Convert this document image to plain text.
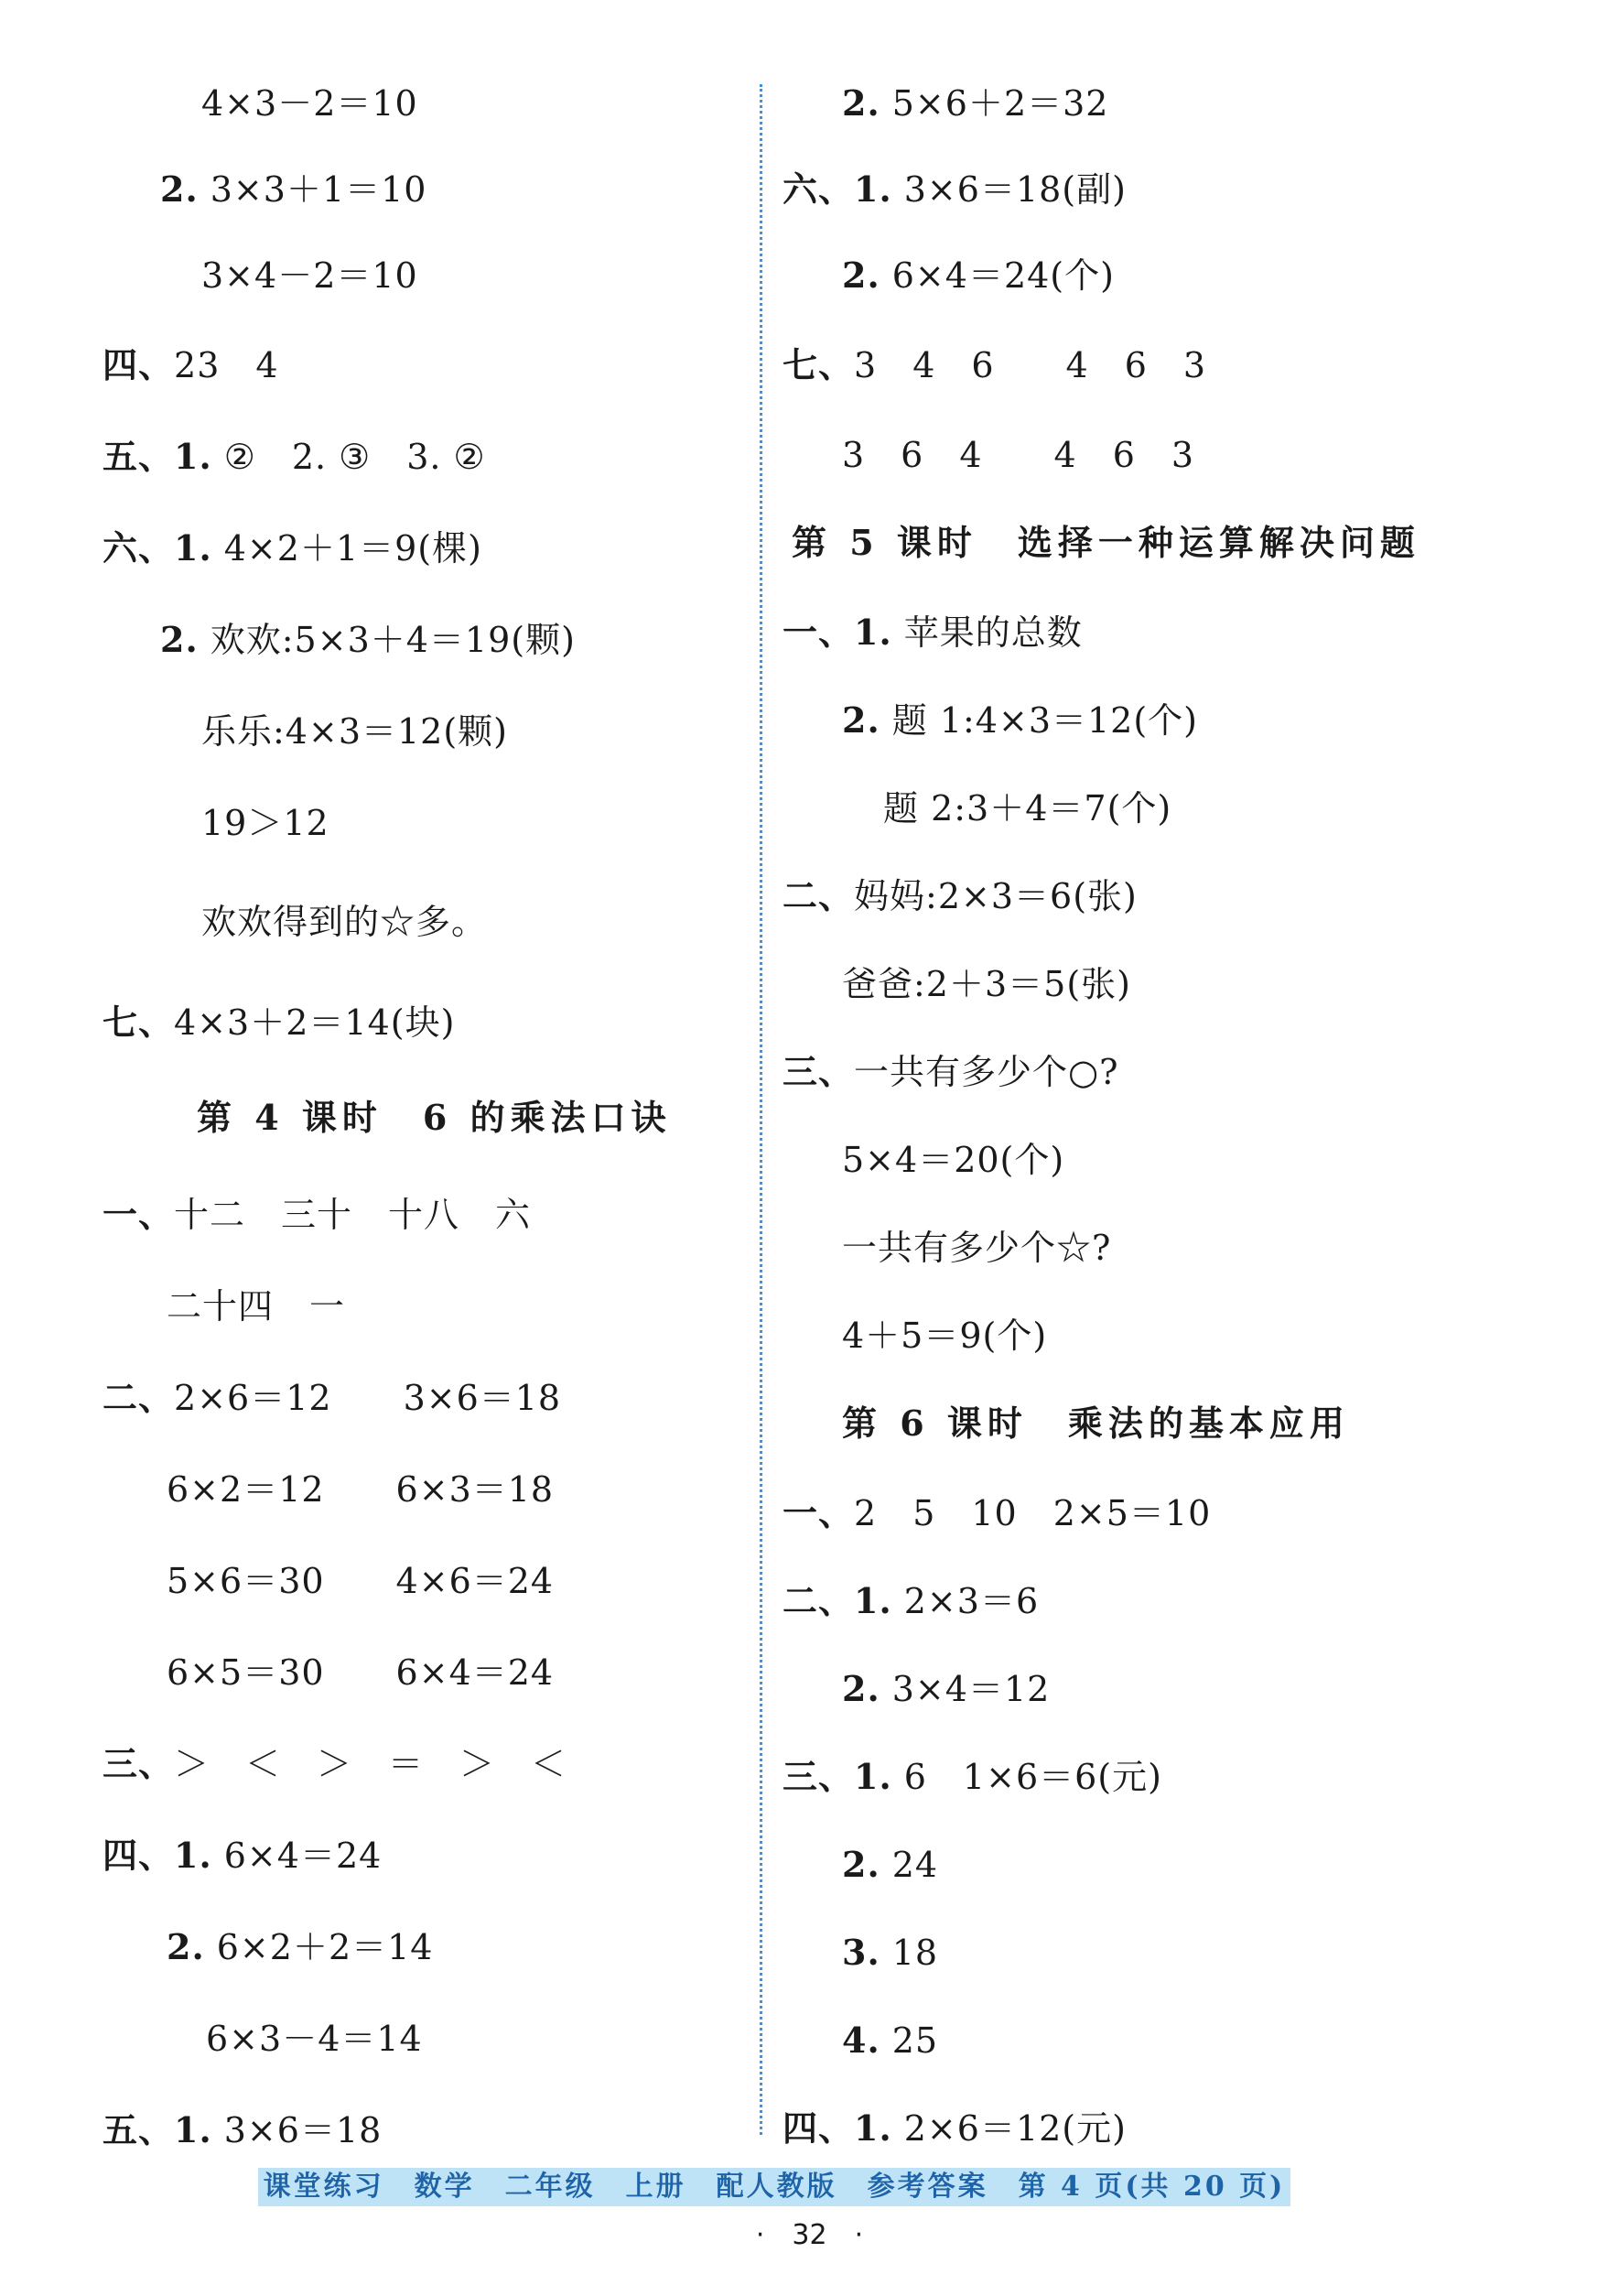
4×3－2＝10
2. 3×3＋1＝10
3×4－2＝10
四、23　4
五、1. ②　2. ③　3. ②
六、1. 4×2＋1＝9(棵)
2. 欢欢:5×3＋4＝19(颗)
乐乐:4×3＝12(颗)
19＞12
欢欢得到的☆多。
七、4×3＋2＝14(块)
第 4 课时　6 的乘法口诀
一、十二　三十　十八　六
二十四　一
二、2×6＝12　　3×6＝18
6×2＝12　　6×3＝18
5×6＝30　　4×6＝24
6×5＝30　　6×4＝24
三、＞　＜　＞　＝　＞　＜
四、1. 6×4＝24
2. 6×2＋2＝14
6×3－4＝14
五、1. 3×6＝18
2. 5×6＋2＝32
六、1. 3×6＝18(副)
2. 6×4＝24(个)
七、3　4　6　　4　6　3
3　6　4　　4　6　3
第 5 课时　选择一种运算解决问题
一、1. 苹果的总数
2. 题 1:4×3＝12(个)
题 2:3＋4＝7(个)
二、妈妈:2×3＝6(张)
爸爸:2＋3＝5(张)
三、一共有多少个○?
5×4＝20(个)
一共有多少个☆?
4＋5＝9(个)
第 6 课时　乘法的基本应用
一、2　5　10　2×5＝10
二、1. 2×3＝6
2. 3×4＝12
三、1. 6　1×6＝6(元)
2. 24
3. 18
4. 25
四、1. 2×6＝12(元)
课堂练习　数学　二年级　上册　配人教版　参考答案　第 4 页(共 20 页)
·　32　·
